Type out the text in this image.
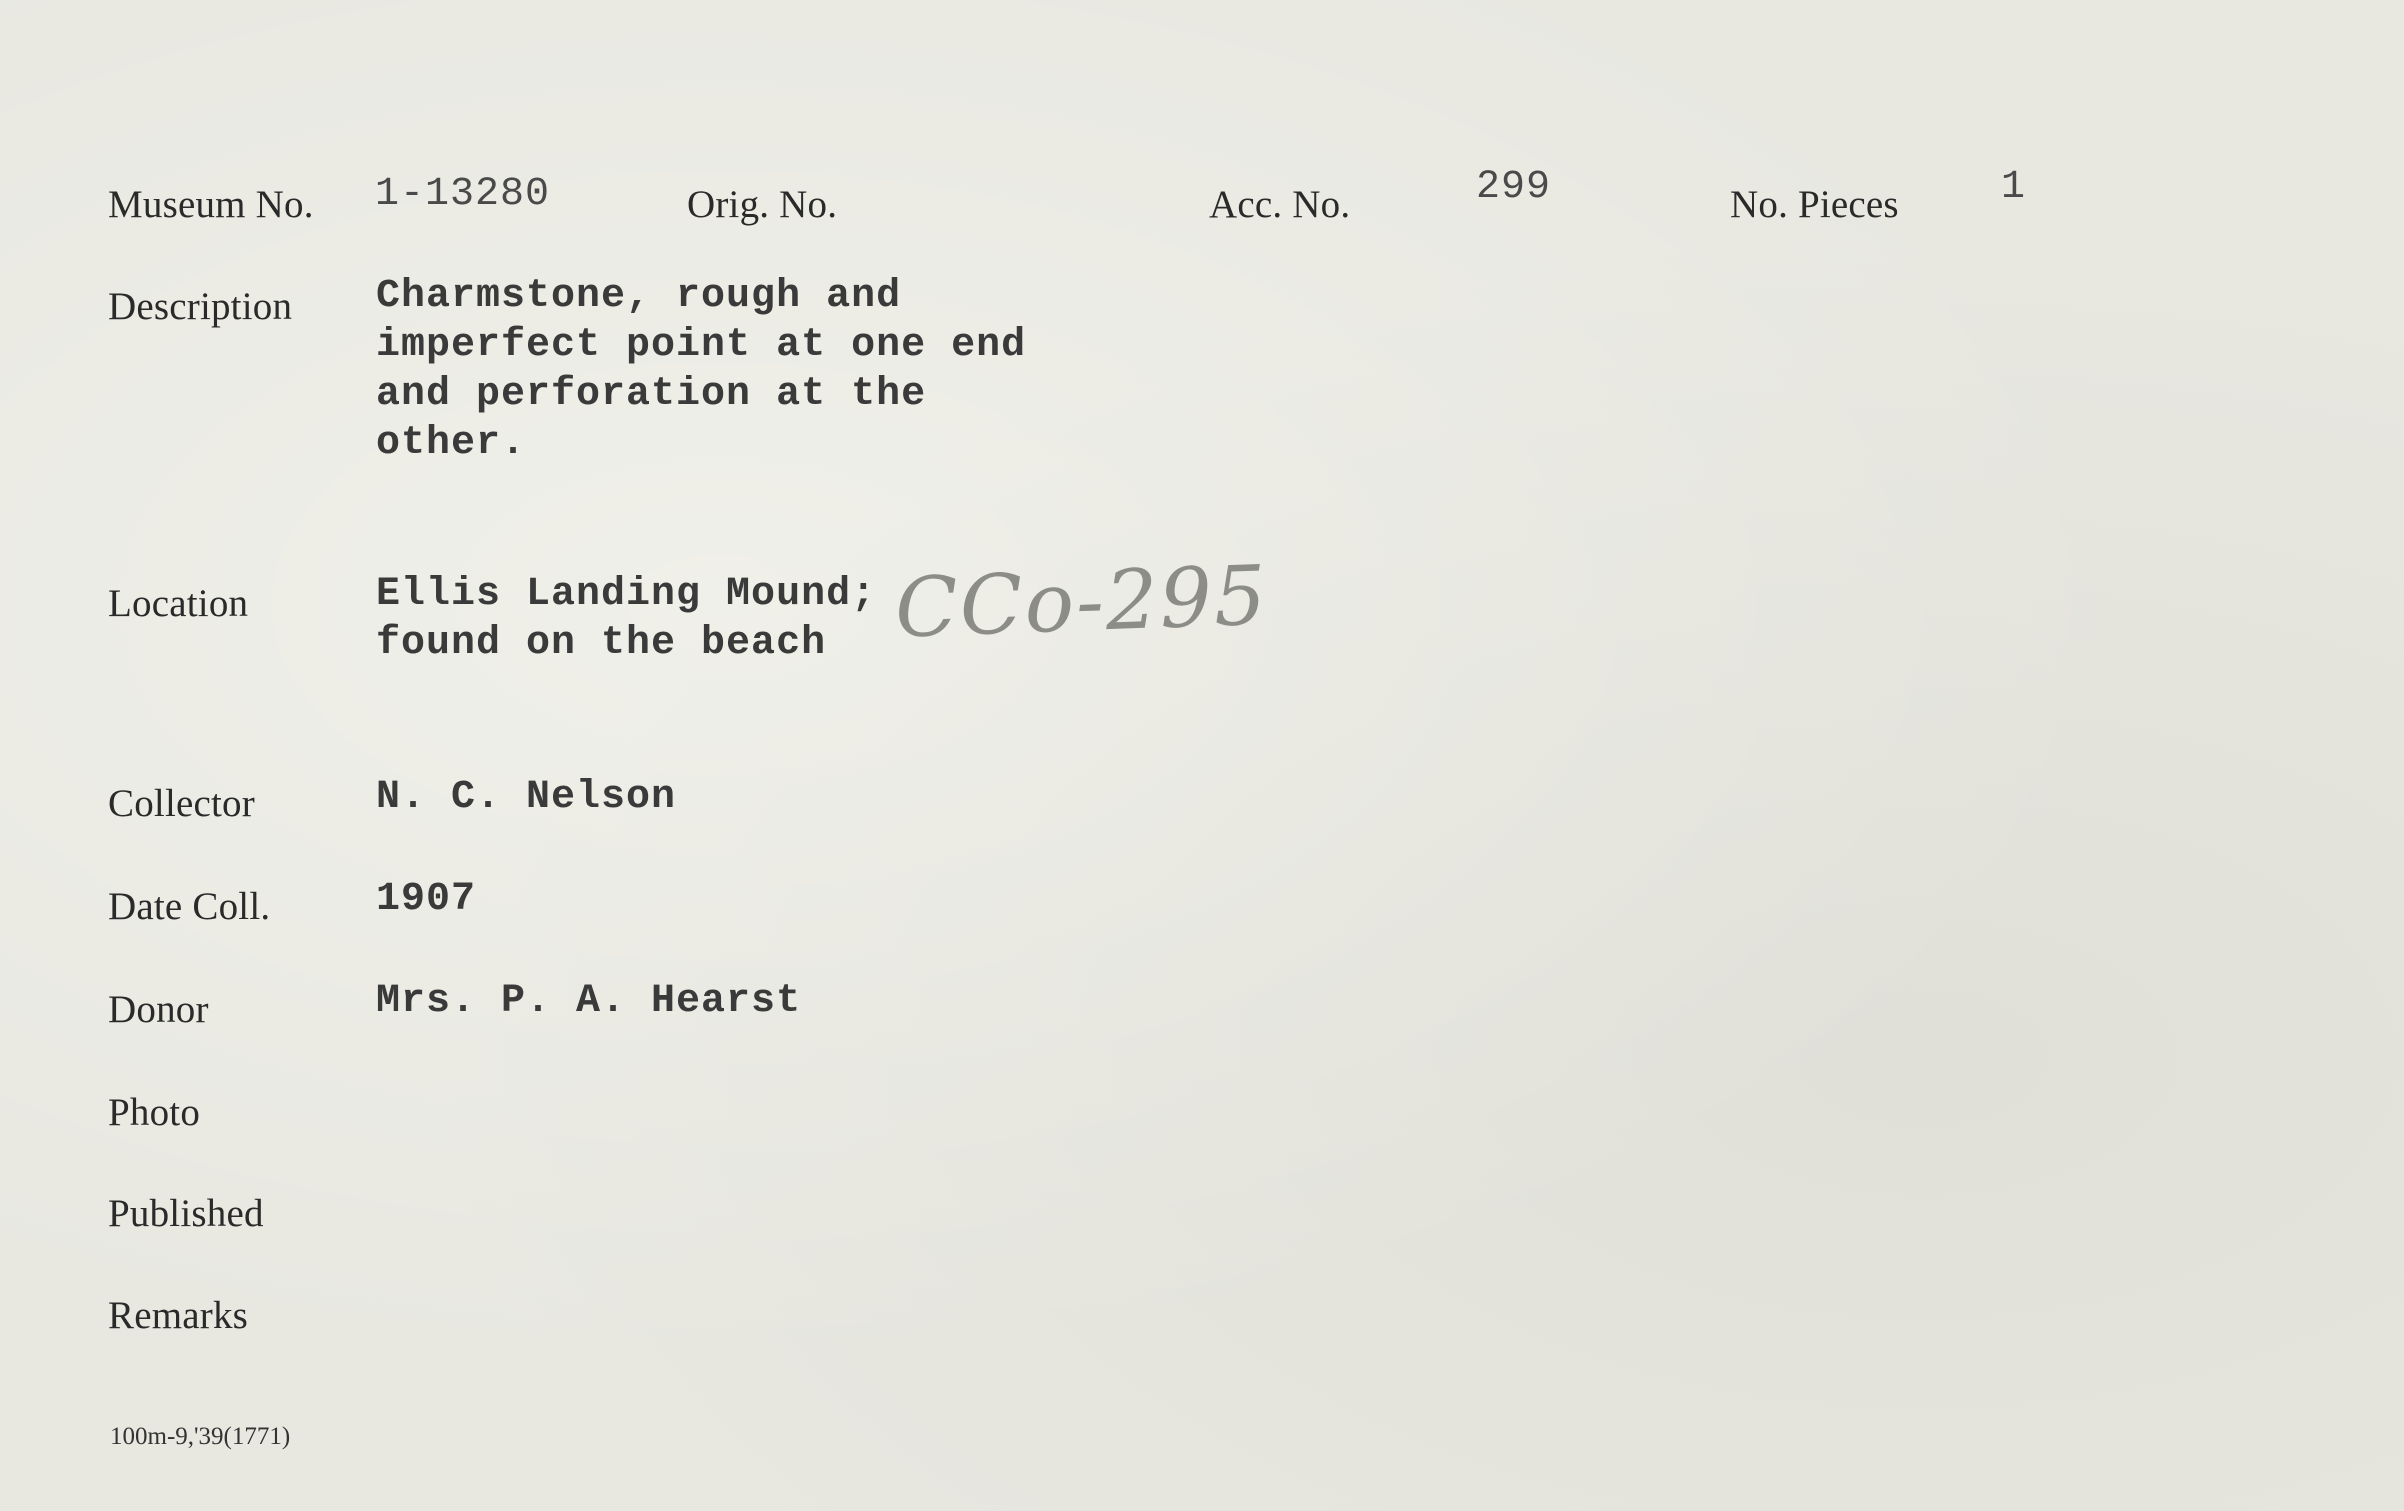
Museum No. 1-13280	Orig. No.	Acc. No.	299	No. Pieces	1
Description Charmstone, rough and
imperfect point at one end
and perforation at the
other.
Location	Ellis Landing Mound;
found on the beach CCo-295
Collector	N. C. Nelson
Date Coll.	1907
Donor	Mrs. P. A. Hearst
Photo
Published
Remarks
100m-9,'39(1771)
